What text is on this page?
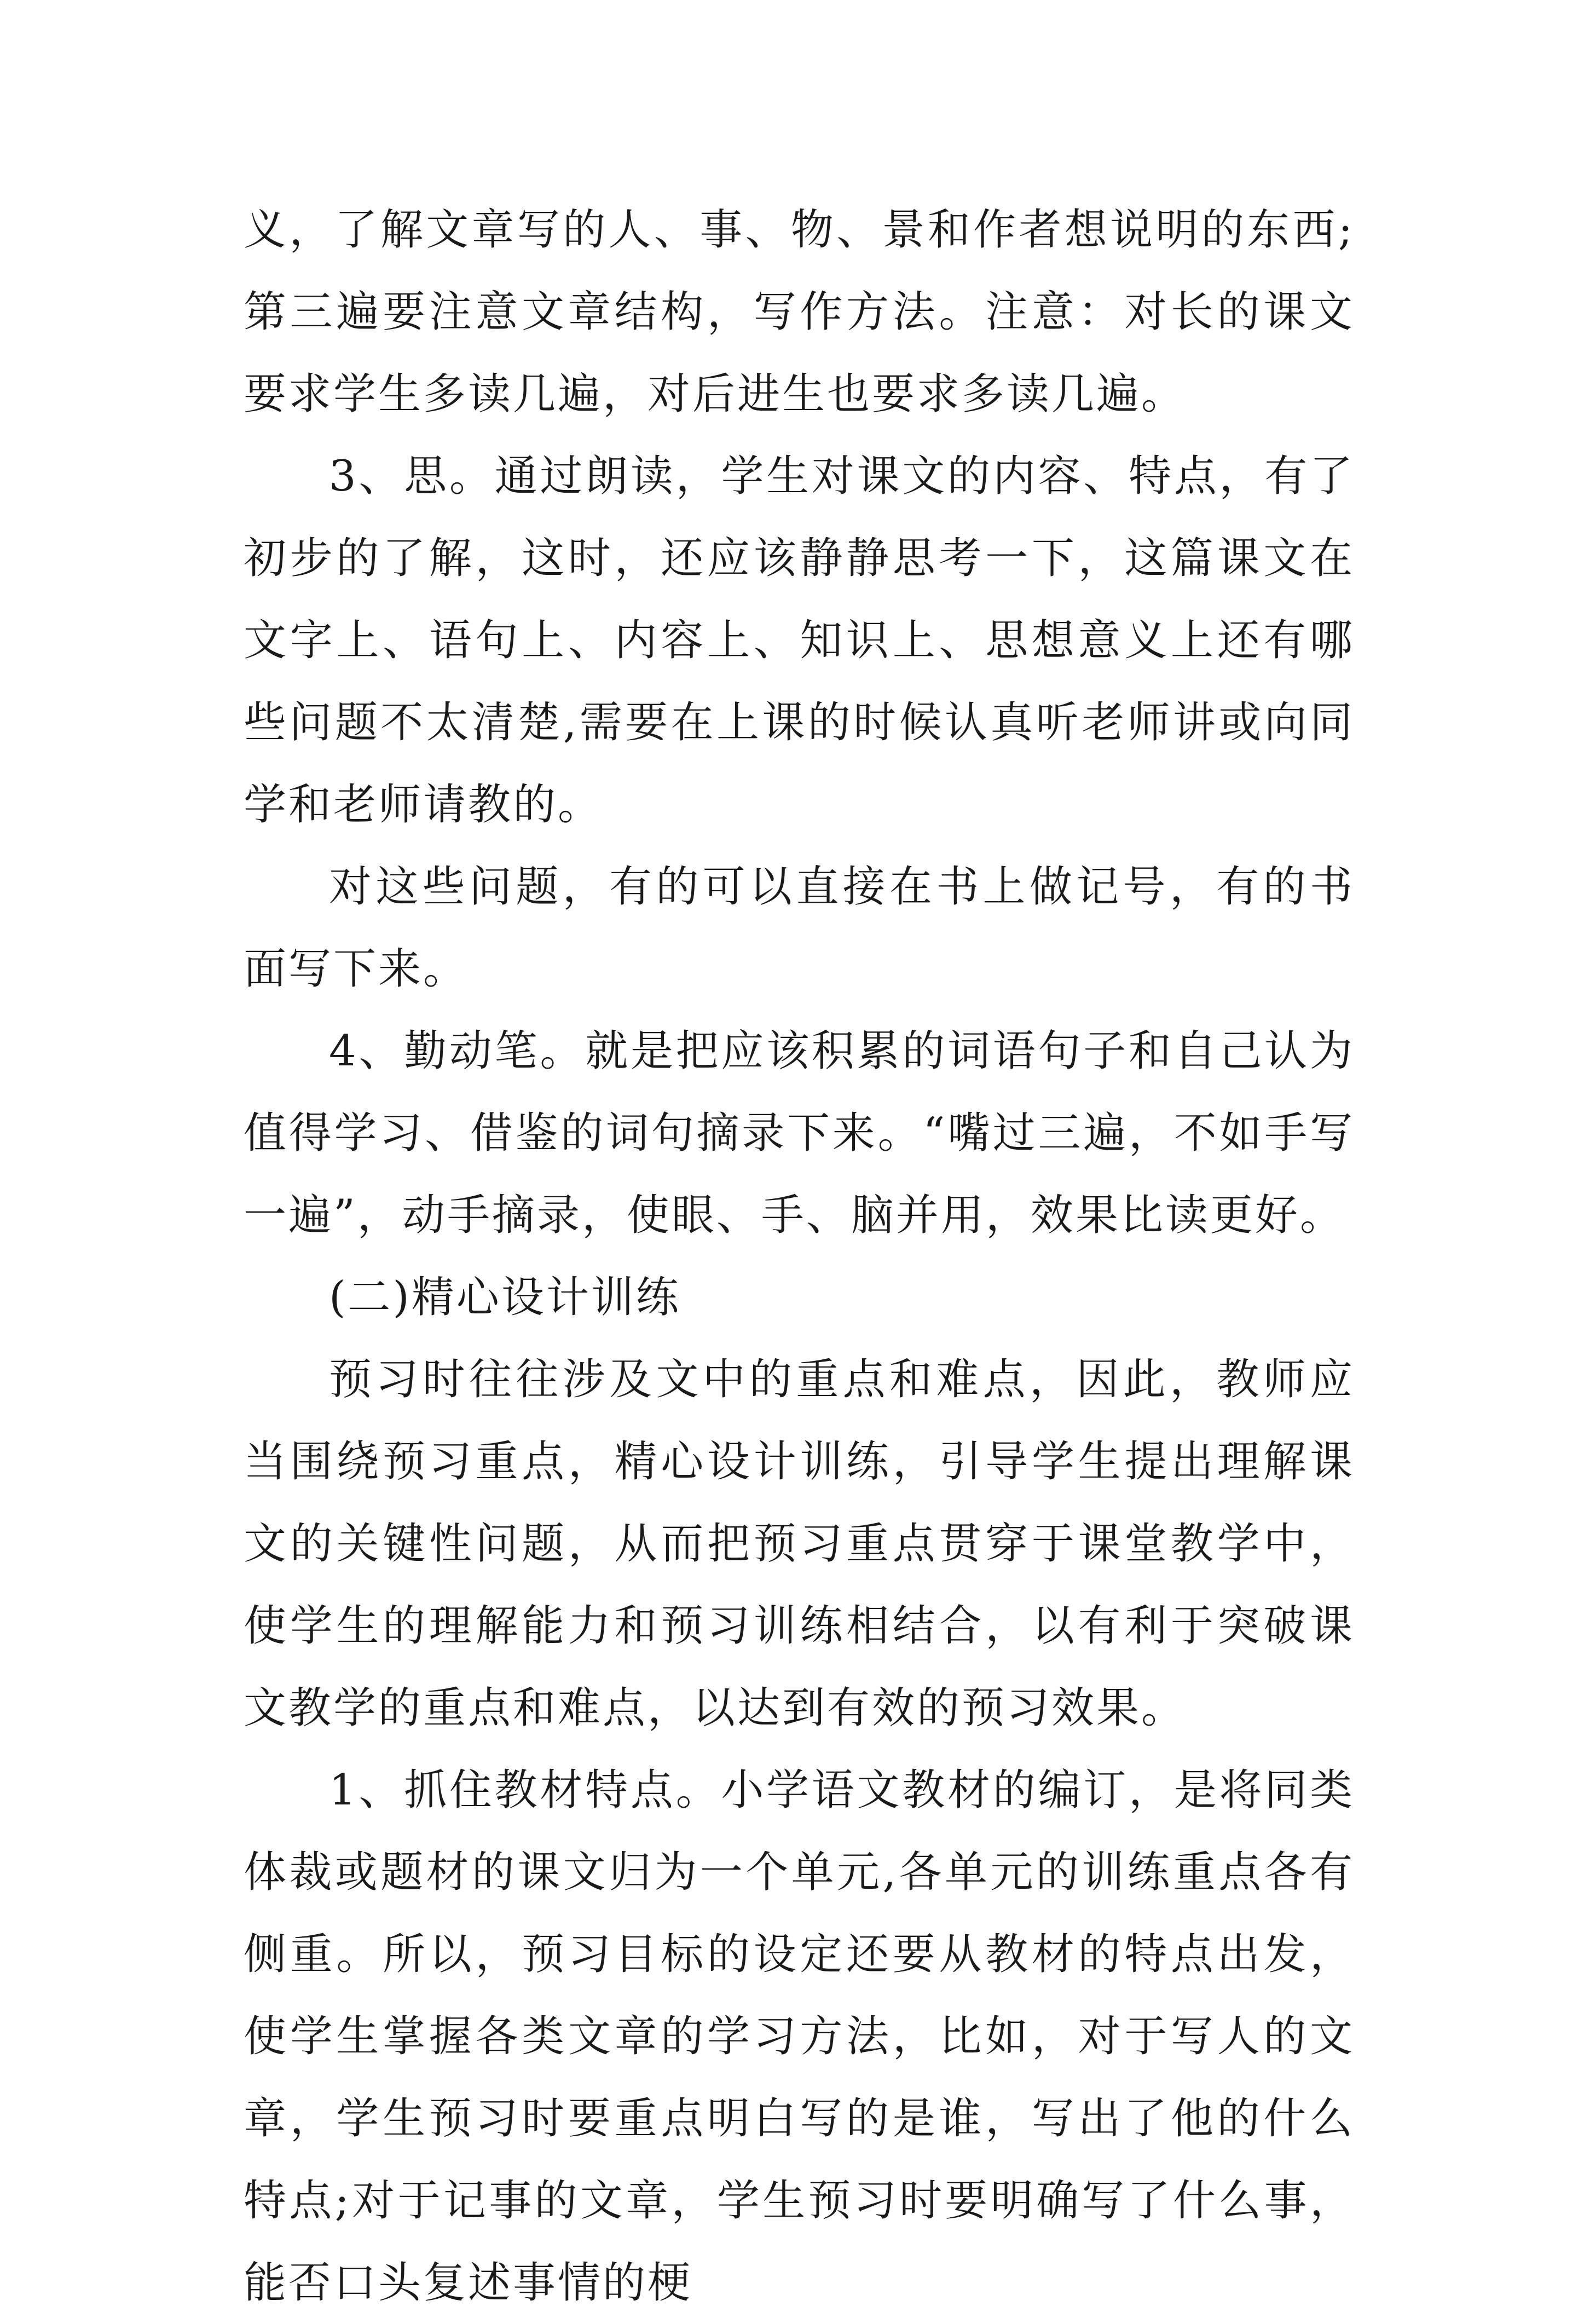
义，了解文章写的人、事、物、景和作者想说明的东西;第三遍要注意文章结构，写作方法。注意：对长的课文要求学生多读几遍，对后进生也要求多读几遍。

3、思。通过朗读，学生对课文的内容、特点，有了初步的了解，这时，还应该静静思考一下，这篇课文在文字上、语句上、内容上、知识上、思想意义上还有哪些问题不太清楚,需要在上课的时候认真听老师讲或向同学和老师请教的。

对这些问题，有的可以直接在书上做记号，有的书面写下来。

4、勤动笔。就是把应该积累的词语句子和自己认为值得学习、借鉴的词句摘录下来。“嘴过三遍，不如手写一遍”，动手摘录，使眼、手、脑并用，效果比读更好。

(二)精心设计训练

预习时往往涉及文中的重点和难点，因此，教师应当围绕预习重点，精心设计训练，引导学生提出理解课文的关键性问题，从而把预习重点贯穿于课堂教学中，使学生的理解能力和预习训练相结合，以有利于突破课文教学的重点和难点，以达到有效的预习效果。

1、抓住教材特点。小学语文教材的编订，是将同类体裁或题材的课文归为一个单元,各单元的训练重点各有侧重。所以，预习目标的设定还要从教材的特点出发，使学生掌握各类文章的学习方法，比如，对于写人的文章，学生预习时要重点明白写的是谁，写出了他的什么特点;对于记事的文章，学生预习时要明确写了什么事，能否口头复述事情的梗
